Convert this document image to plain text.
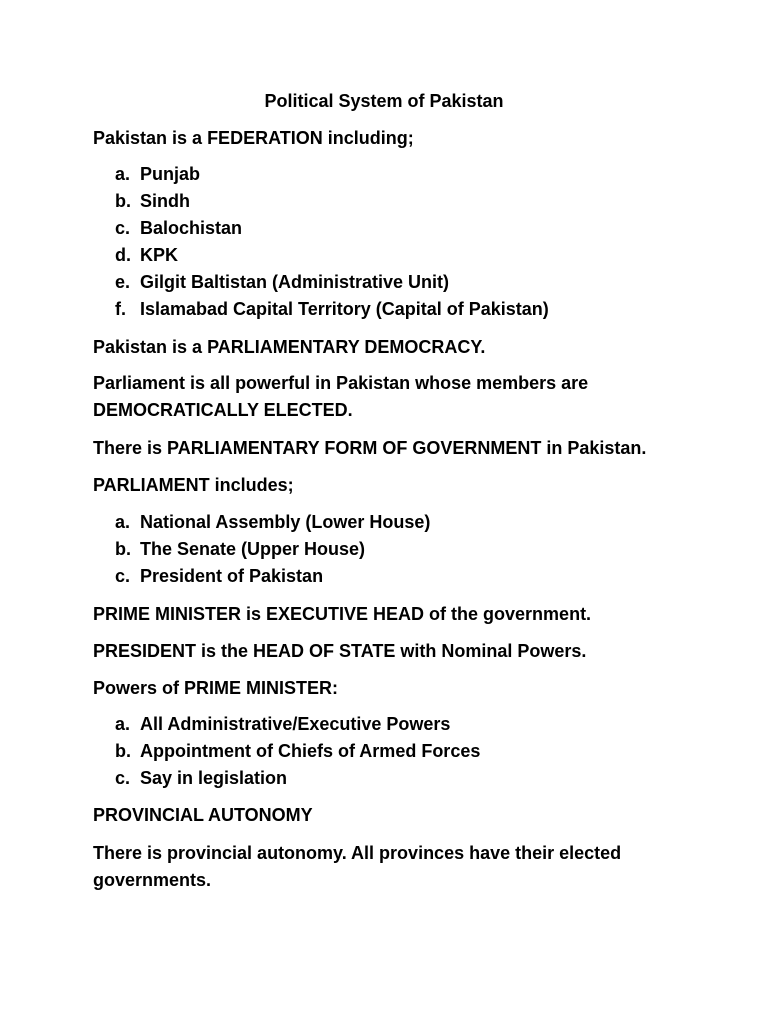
Political System of Pakistan
Pakistan is a FEDERATION including;
a. Punjab
b. Sindh
c. Balochistan
d. KPK
e. Gilgit Baltistan (Administrative Unit)
f. Islamabad Capital Territory (Capital of Pakistan)
Pakistan is a PARLIAMENTARY DEMOCRACY.
Parliament is all powerful in Pakistan whose members are
DEMOCRATICALLY ELECTED.
There is PARLIAMENTARY FORM OF GOVERNMENT in Pakistan.
PARLIAMENT includes;
a. National Assembly (Lower House)
b. The Senate (Upper House)
c. President of Pakistan
PRIME MINISTER is EXECUTIVE HEAD of the government.
PRESIDENT is the HEAD OF STATE with Nominal Powers.
Powers of PRIME MINISTER:
a. All Administrative/Executive Powers
b. Appointment of Chiefs of Armed Forces
c. Say in legislation
PROVINCIAL AUTONOMY
There is provincial autonomy. All provinces have their elected
governments.
